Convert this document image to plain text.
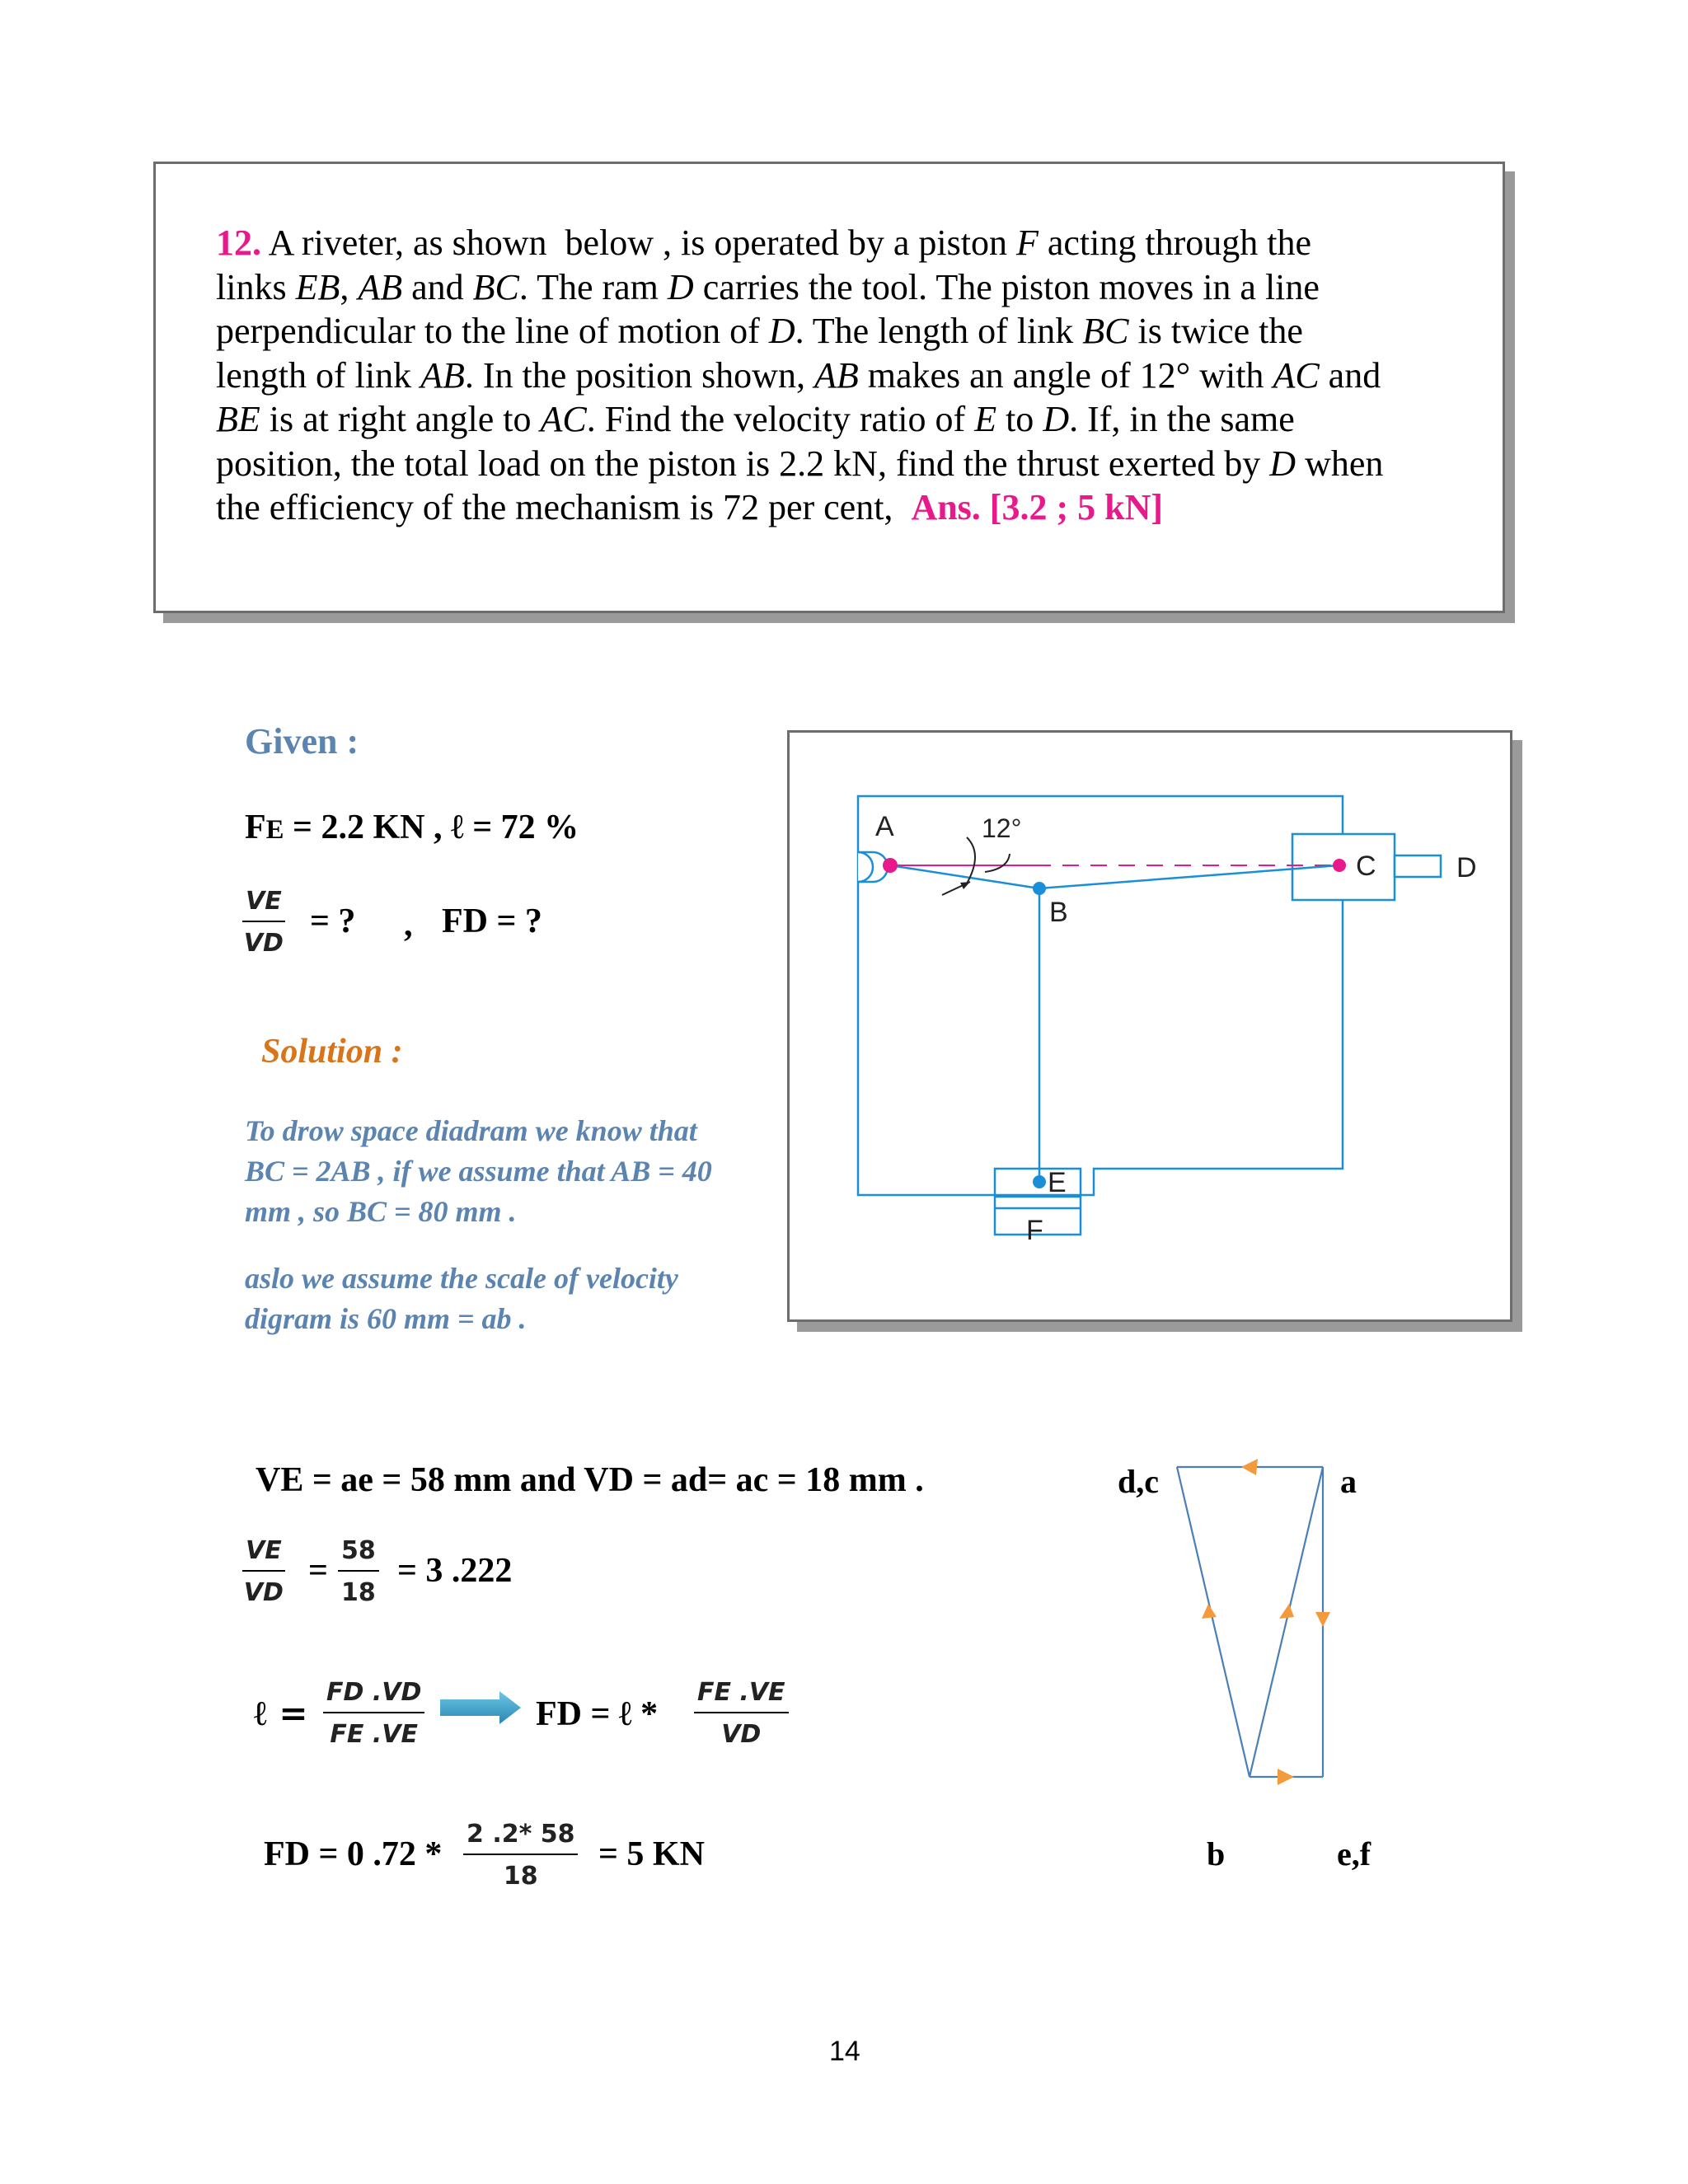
12. A riveter, as shown  below , is operated by a piston F acting through the
links EB, AB and BC. The ram D carries the tool. The piston moves in a line
perpendicular to the line of motion of D. The length of link BC is twice the
length of link AB. In the position shown, AB makes an angle of 12° with AC and
BE is at right angle to AC. Find the velocity ratio of E to D. If, in the same
position, the total load on the piston is 2.2 kN, find the thrust exerted by D when
the efficiency of the mechanism is 72 per cent,  Ans. [3.2 ; 5 kN]
Given :
FE = 2.2 KN , ℓ = 72 %
$\frac{VE}{VD}$ = ? , FD = ?
Solution :
To drow space diadram we know that
BC = 2AB , if we assume that AB = 40
mm , so BC = 80 mm .
aslo we assume the scale of velocity
digram is 60 mm = ab .
A	12°
B
C	D
E
F
VE = ae = 58 mm and VD = ad= ac = 18 mm .
$\frac{VE}{VD} = \frac{58}{18} = 3$ .222
ℓ = $\frac{FD .VD}{FE .VE}$	FD = ℓ * $\frac{FE .VE}{VD}$
FD = 0 $.72 * \frac{2 .2* 58}{18} = 5$ KN
d,c	a
b	e,f
14
